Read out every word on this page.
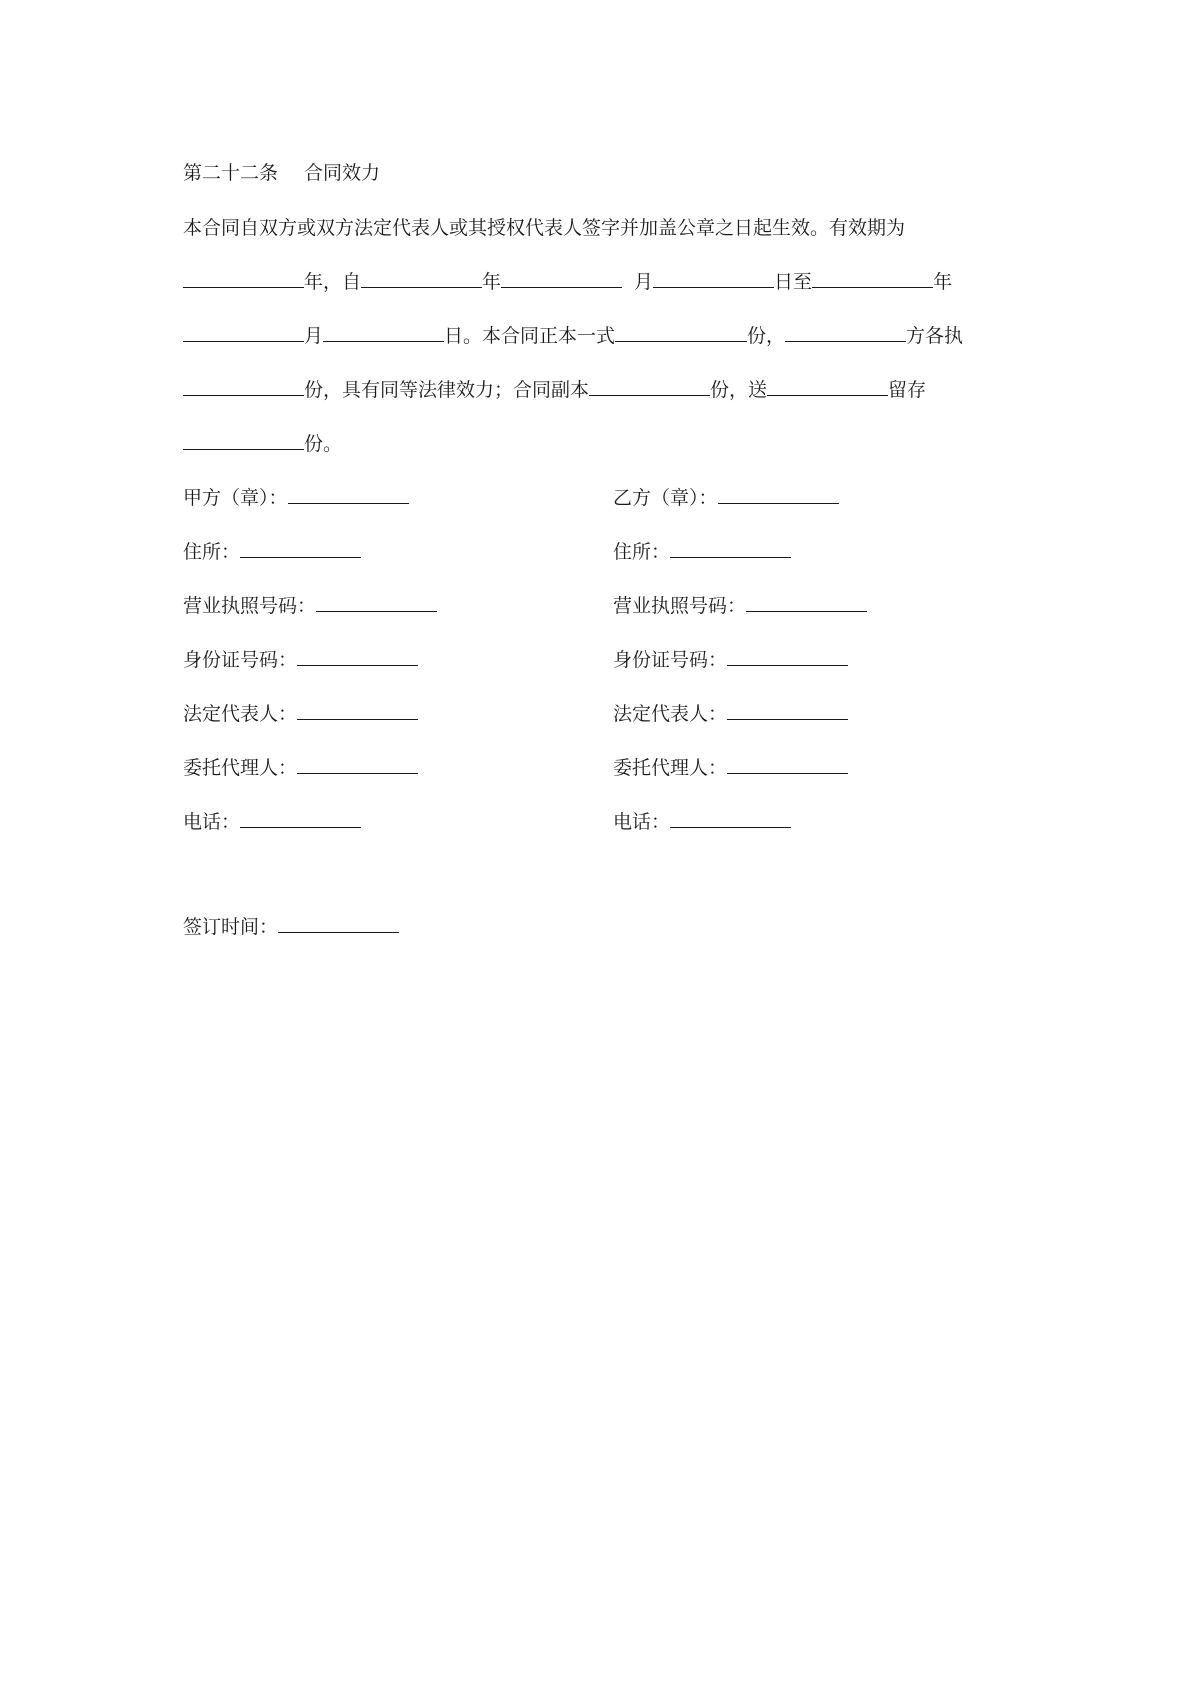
第二十二条 合同效力
本合同自双方或双方法定代表人或其授权代表人签字并加盖公章之日起生效。有效期为
年，自	年	月	日至	年
月	日。本合同正本一式	份，	方各执
份，具有同等法律效力；合同副本	份，送	留存
份。
甲方（章）：	乙方（章）：
住所：	住所：
营业执照号码：	营业执照号码：
身份证号码：	身份证号码：
法定代表人：	法定代表人：
委托代理人：	委托代理人：
电话：	电话：
签订时间：
